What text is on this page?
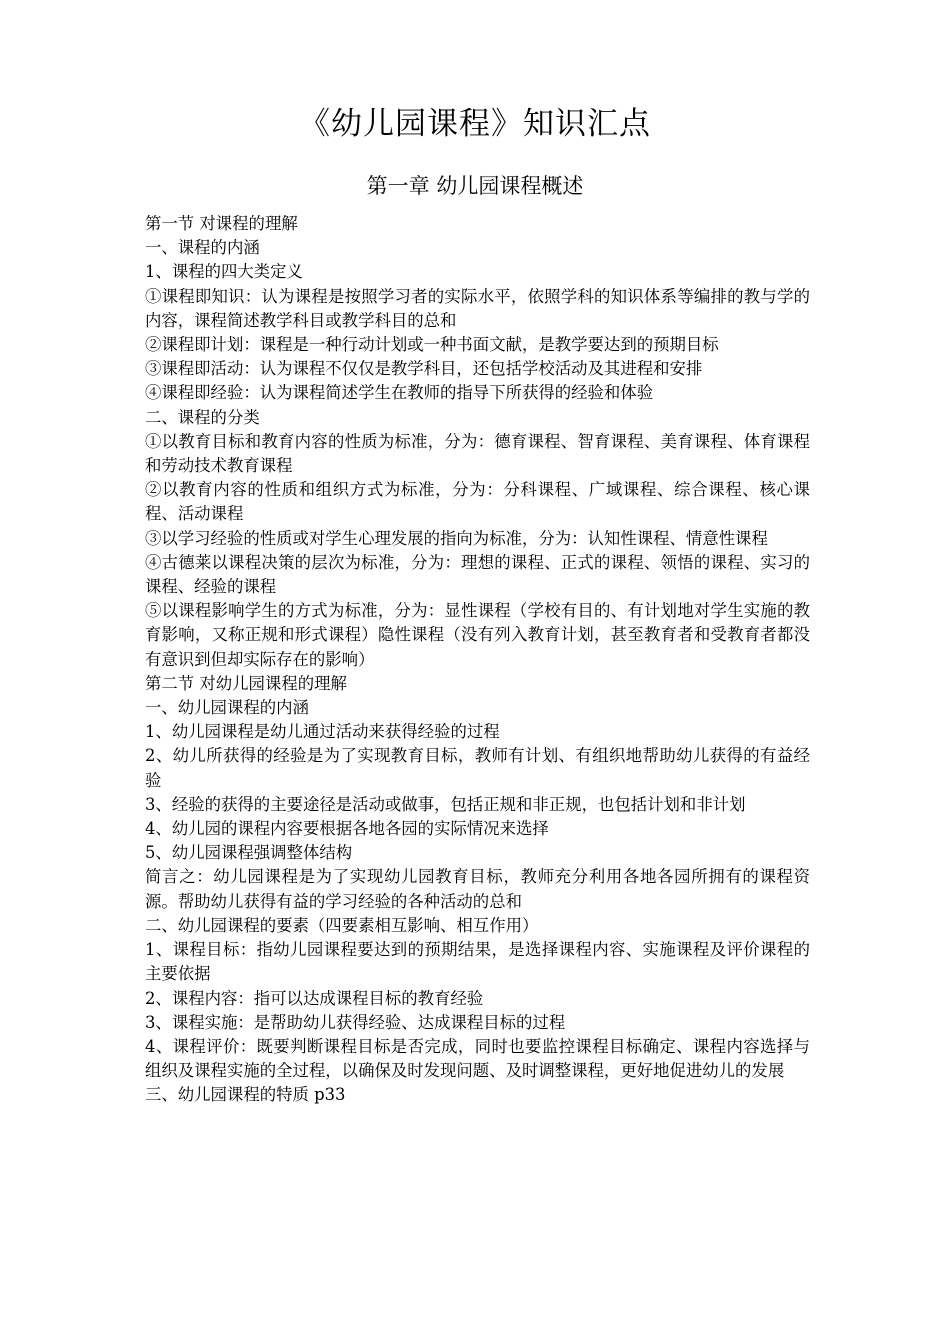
《幼儿园课程》知识汇点
第一章 幼儿园课程概述

第一节 对课程的理解

一、课程的内涵

1、课程的四大类定义

①课程即知识：认为课程是按照学习者的实际水平，依照学科的知识体系等编排的教与学的内容，课程简述教学科目或教学科目的总和

②课程即计划：课程是一种行动计划或一种书面文献，是教学要达到的预期目标

③课程即活动：认为课程不仅仅是教学科目，还包括学校活动及其进程和安排

④课程即经验：认为课程简述学生在教师的指导下所获得的经验和体验

二、课程的分类

①以教育目标和教育内容的性质为标准，分为：德育课程、智育课程、美育课程、体育课程和劳动技术教育课程

②以教育内容的性质和组织方式为标准，分为：分科课程、广域课程、综合课程、核心课程、活动课程

③以学习经验的性质或对学生心理发展的指向为标准，分为：认知性课程、情意性课程

④古德莱以课程决策的层次为标准，分为：理想的课程、正式的课程、领悟的课程、实习的课程、经验的课程

⑤以课程影响学生的方式为标准，分为：显性课程（学校有目的、有计划地对学生实施的教育影响，又称正规和形式课程）隐性课程（没有列入教育计划，甚至教育者和受教育者都没有意识到但却实际存在的影响）

第二节 对幼儿园课程的理解

一、幼儿园课程的内涵

1、幼儿园课程是幼儿通过活动来获得经验的过程

2、幼儿所获得的经验是为了实现教育目标，教师有计划、有组织地帮助幼儿获得的有益经验

3、经验的获得的主要途径是活动或做事，包括正规和非正规，也包括计划和非计划

4、幼儿园的课程内容要根据各地各园的实际情况来选择

5、幼儿园课程强调整体结构

简言之：幼儿园课程是为了实现幼儿园教育目标，教师充分利用各地各园所拥有的课程资源。帮助幼儿获得有益的学习经验的各种活动的总和

二、幼儿园课程的要素（四要素相互影响、相互作用）

1、课程目标：指幼儿园课程要达到的预期结果，是选择课程内容、实施课程及评价课程的主要依据

2、课程内容：指可以达成课程目标的教育经验

3、课程实施：是帮助幼儿获得经验、达成课程目标的过程

4、课程评价：既要判断课程目标是否完成，同时也要监控课程目标确定、课程内容选择与组织及课程实施的全过程，以确保及时发现问题、及时调整课程，更好地促进幼儿的发展

三、幼儿园课程的特质 p33
